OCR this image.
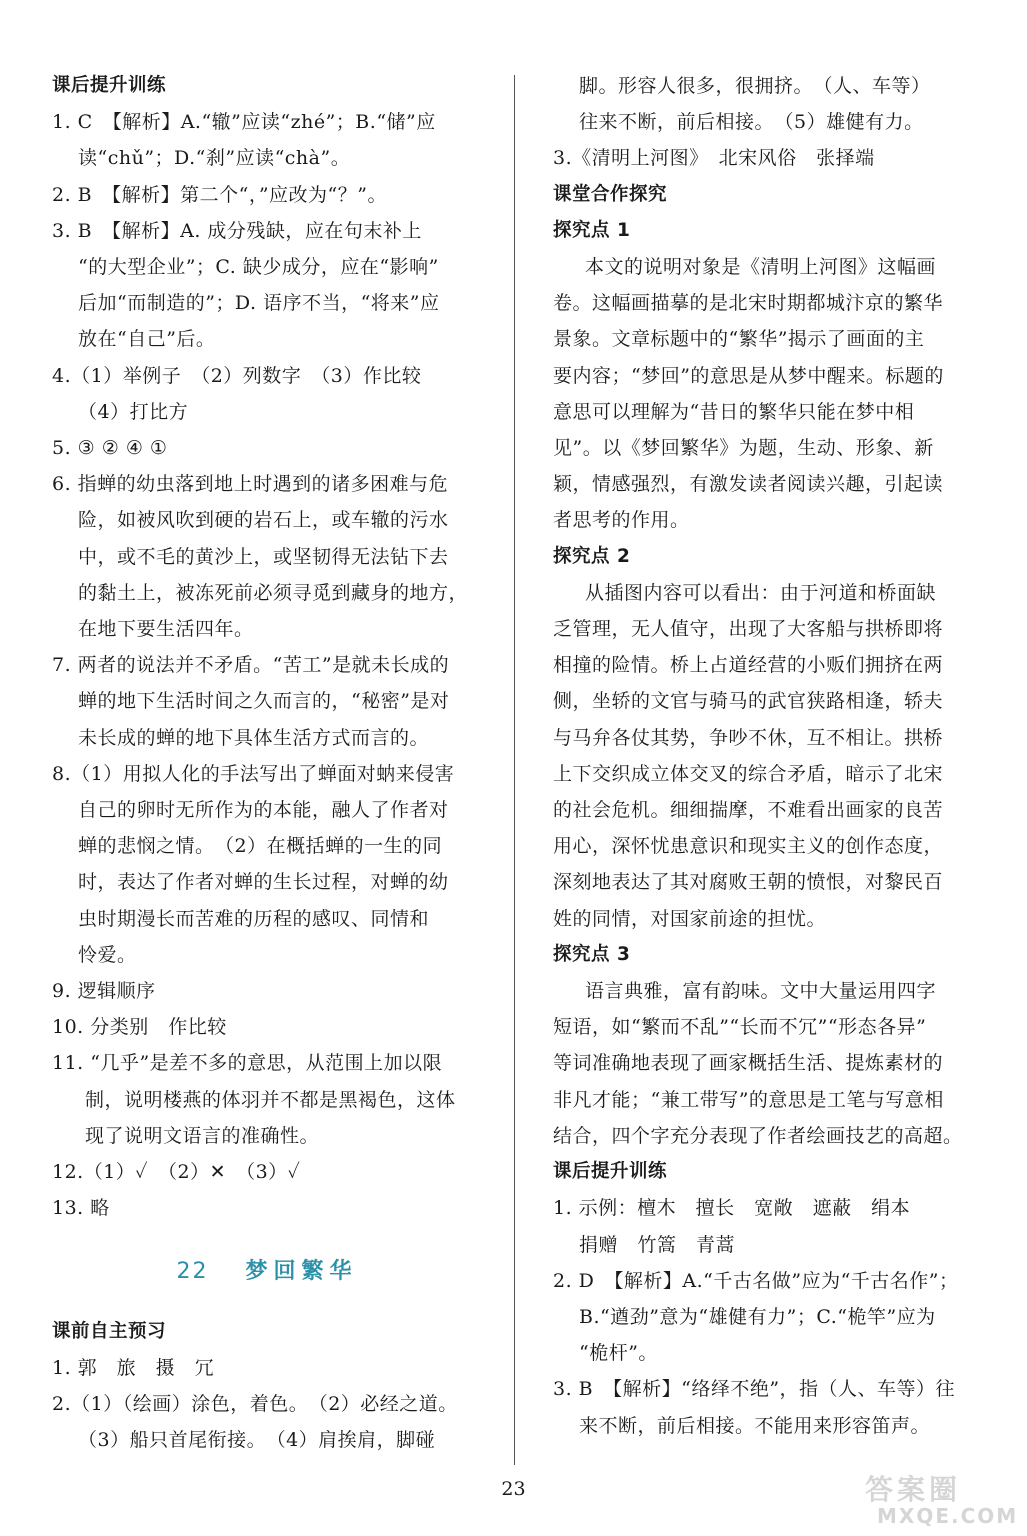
课后提升训练
1. C　【解析】A.“辙”应读“zhé”；B.“储”应
读“chǔ”；D.“刹”应读“chà”。
2. B　【解析】第二个“，”应改为“？”。
3. B　【解析】A. 成分残缺，应在句末补上
“的大型企业”；C. 缺少成分，应在“影响”
后加“而制造的”；D. 语序不当，“将来”应
放在“自己”后。
4.（1）举例子　（2）列数字　（3）作比较
（4）打比方
5. ③ ② ④ ①
6. 指蝉的幼虫落到地上时遇到的诸多困难与危
险，如被风吹到硬的岩石上，或车辙的污水
中，或不毛的黄沙上，或坚韧得无法钻下去
的黏土上，被冻死前必须寻觅到藏身的地方，
在地下要生活四年。
7. 两者的说法并不矛盾。“苦工”是就未长成的
蝉的地下生活时间之久而言的，“秘密”是对
未长成的蝉的地下具体生活方式而言的。
8.（1）用拟人化的手法写出了蝉面对蚋来侵害
自己的卵时无所作为的本能，融人了作者对
蝉的悲悯之情。　（2）在概括蝉的一生的同
时，表达了作者对蝉的生长过程，对蝉的幼
虫时期漫长而苦难的历程的感叹、同情和
怜爱。
9. 逻辑顺序
10. 分类别　作比较
11. “几乎”是差不多的意思，从范围上加以限
制，说明楼燕的体羽并不都是黑褐色，这体
现了说明文语言的准确性。
12.（1）✓　（2）✕　（3）✓
13. 略
22 梦回繁华
课前自主预习
1. 郭　旅　摄　冗
2.（1）（绘画）涂色，着色。　（2）必经之道。
（3）船只首尾衔接。　（4）肩挨肩，脚碰
脚。形容人很多，很拥挤。　（人、车等）
往来不断，前后相接。　（5）雄健有力。
3.《清明上河图》　北宋风俗　张择端
课堂合作探究
探究点 1
本文的说明对象是《清明上河图》这幅画
卷。这幅画描摹的是北宋时期都城汴京的繁华
景象。文章标题中的“繁华”揭示了画面的主
要内容；“梦回”的意思是从梦中醒来。标题的
意思可以理解为“昔日的繁华只能在梦中相
见”。以《梦回繁华》为题，生动、形象、新
颖，情感强烈，有激发读者阅读兴趣，引起读
者思考的作用。
探究点 2
从插图内容可以看出：由于河道和桥面缺
乏管理，无人值守，出现了大客船与拱桥即将
相撞的险情。桥上占道经营的小贩们拥挤在两
侧，坐轿的文官与骑马的武官狭路相逢，轿夫
与马弁各仗其势，争吵不休，互不相让。拱桥
上下交织成立体交叉的综合矛盾，暗示了北宋
的社会危机。细细揣摩，不难看出画家的良苦
用心，深怀忧患意识和现实主义的创作态度，
深刻地表达了其对腐败王朝的愤恨，对黎民百
姓的同情，对国家前途的担忧。
探究点 3
语言典雅，富有韵味。文中大量运用四字
短语，如“繁而不乱”“长而不冗”“形态各异”
等词准确地表现了画家概括生活、提炼素材的
非凡才能；“兼工带写”的意思是工笔与写意相
结合，四个字充分表现了作者绘画技艺的高超。
课后提升训练
1. 示例：檀木　擅长　宽敞　遮蔽　绢本
捐赠　竹篙　青蒿
2. D　【解析】A.“千古名做”应为“千古名作”；
B.“遒劲”意为“雄健有力”；C.“桅竿”应为
“桅杆”。
3. B　【解析】“络绎不绝”，指（人、车等）往
来不断，前后相接。不能用来形容笛声。
23	答案圈
MXQE.COM
